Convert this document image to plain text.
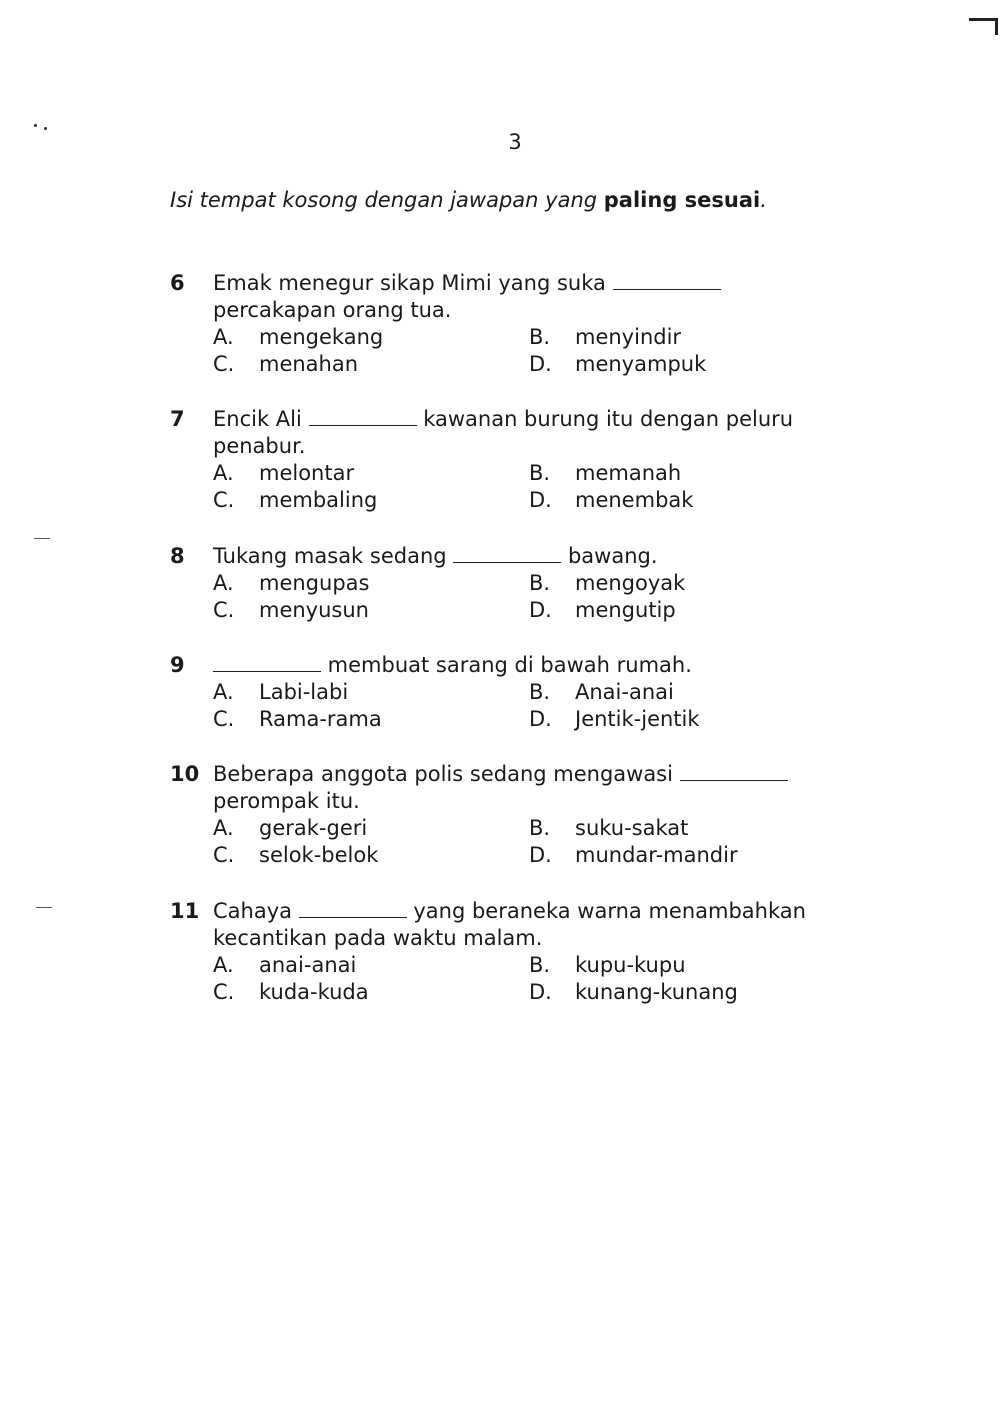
3
Isi tempat kosong dengan jawapan yang paling sesuai.
6 Emak menegur sikap Mimi yang suka  percakapan orang tua.
A. mengekang	B. menyindir
C. menahan	D. menyampuk
7 Encik Ali	kawanan burung itu dengan peluru penabur.
A. melontar	B. memanah
C. membaling	D. menembak
8 Tukang masak sedang	bawang.
A. mengupas	B. mengoyak
C. menyusun	D. mengutip
9	membuat sarang di bawah rumah.
A. Labi-labi	B. Anai-anai
C. Rama-rama	D. Jentik-jentik
10 Beberapa anggota polis sedang mengawasi  perompak itu.
A. gerak-geri	B. suku-sakat
C. selok-belok	D. mundar-mandir
11 Cahaya	yang beraneka warna menambahkan kecantikan pada waktu malam.
A. anai-anai	B. kupu-kupu
C. kuda-kuda	D. kunang-kunang
